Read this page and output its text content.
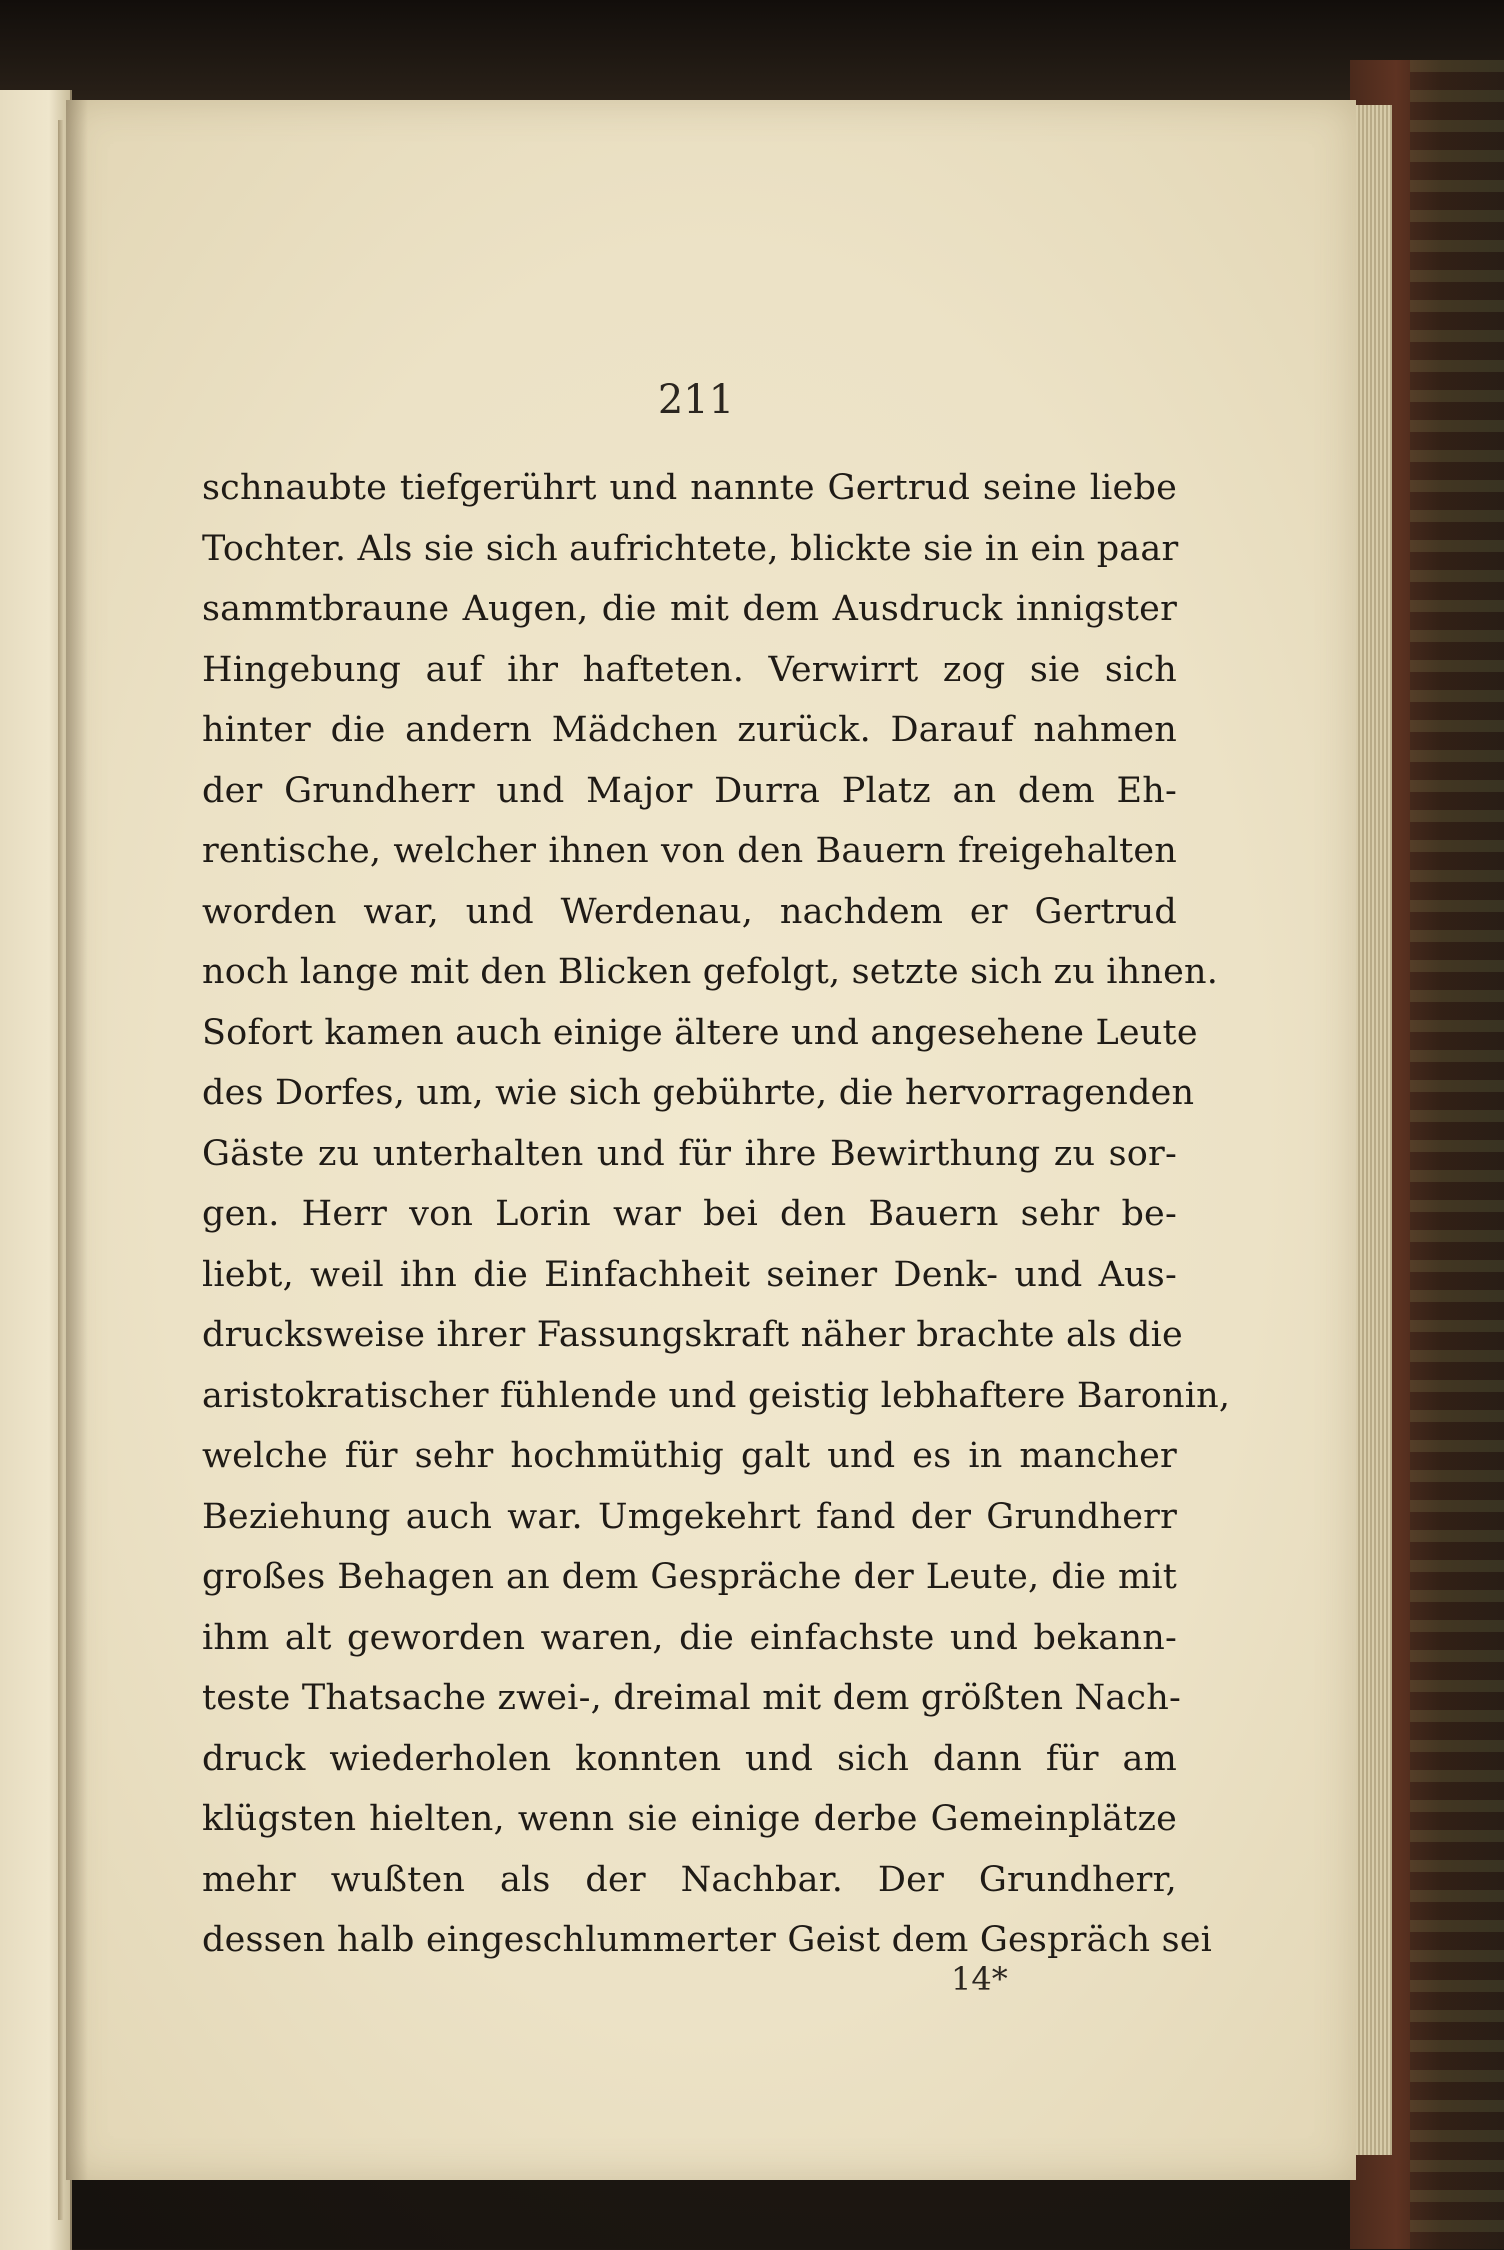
211
schnaubte tiefgerührt und nannte Gertrud seine liebe
Tochter. Als sie sich aufrichtete, blickte sie in ein paar
sammtbraune Augen, die mit dem Ausdruck innigster
Hingebung auf ihr hafteten. Verwirrt zog sie sich
hinter die andern Mädchen zurück. Darauf nahmen
der Grundherr und Major Durra Platz an dem Eh-
rentische, welcher ihnen von den Bauern freigehalten
worden war, und Werdenau, nachdem er Gertrud
noch lange mit den Blicken gefolgt, setzte sich zu ihnen.
Sofort kamen auch einige ältere und angesehene Leute
des Dorfes, um, wie sich gebührte, die hervorragenden
Gäste zu unterhalten und für ihre Bewirthung zu sor-
gen. Herr von Lorin war bei den Bauern sehr be-
liebt, weil ihn die Einfachheit seiner Denk- und Aus-
drucksweise ihrer Fassungskraft näher brachte als die
aristokratischer fühlende und geistig lebhaftere Baronin,
welche für sehr hochmüthig galt und es in mancher
Beziehung auch war. Umgekehrt fand der Grundherr
großes Behagen an dem Gespräche der Leute, die mit
ihm alt geworden waren, die einfachste und bekann-
teste Thatsache zwei-, dreimal mit dem größten Nach-
druck wiederholen konnten und sich dann für am
klügsten hielten, wenn sie einige derbe Gemeinplätze
mehr wußten als der Nachbar. Der Grundherr,
dessen halb eingeschlummerter Geist dem Gespräch sei
14*
